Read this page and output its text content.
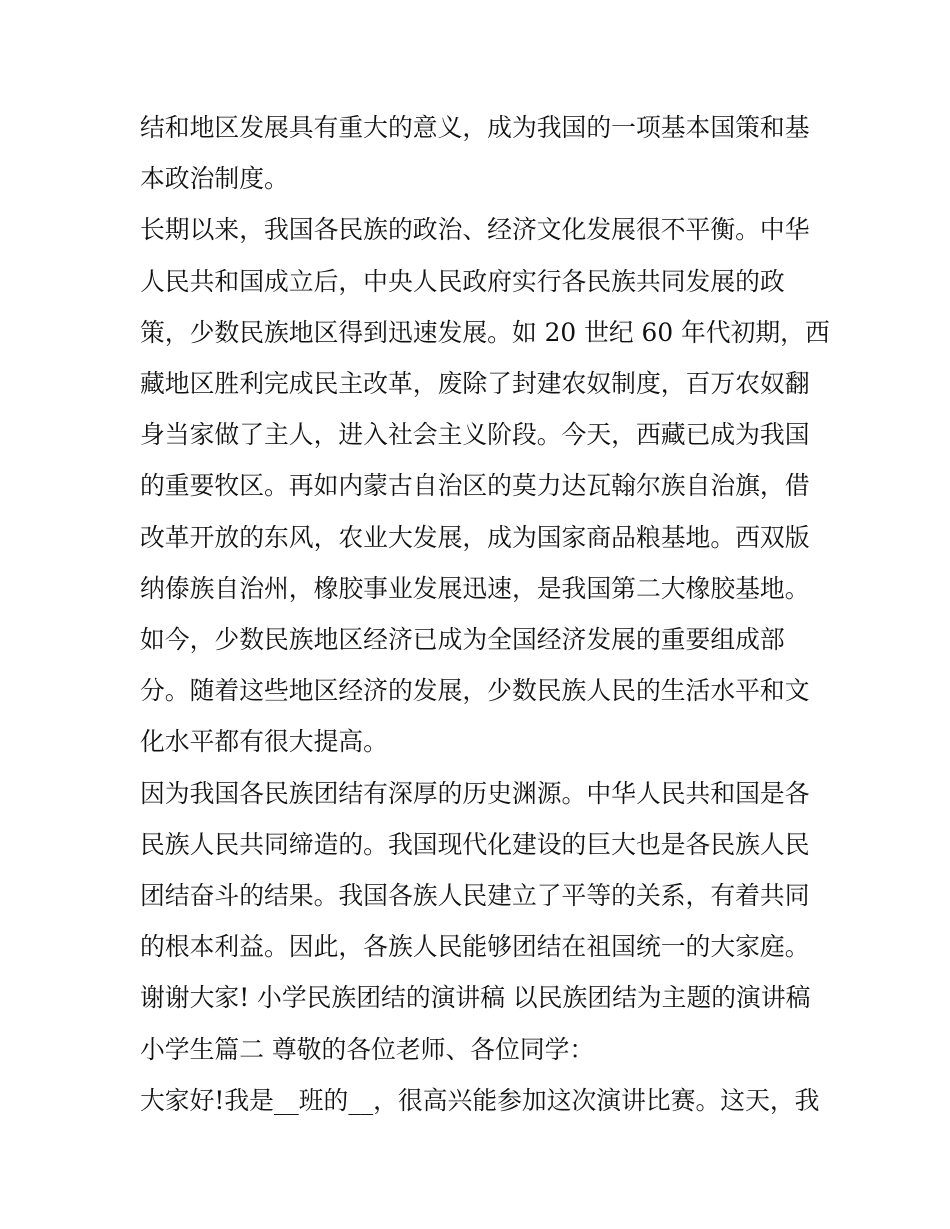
结和地区发展具有重大的意义，成为我国的一项基本国策和基
本政治制度。
长期以来，我国各民族的政治、经济文化发展很不平衡。中华
人民共和国成立后，中央人民政府实行各民族共同发展的政
策，少数民族地区得到迅速发展。如 20 世纪 60 年代初期，西
藏地区胜利完成民主改革，废除了封建农奴制度，百万农奴翻
身当家做了主人，进入社会主义阶段。今天，西藏已成为我国
的重要牧区。再如内蒙古自治区的莫力达瓦翰尔族自治旗，借
改革开放的东风，农业大发展，成为国家商品粮基地。西双版
纳傣族自治州，橡胶事业发展迅速，是我国第二大橡胶基地。
如今，少数民族地区经济已成为全国经济发展的重要组成部
分。随着这些地区经济的发展，少数民族人民的生活水平和文
化水平都有很大提高。
因为我国各民族团结有深厚的历史渊源。中华人民共和国是各
民族人民共同缔造的。我国现代化建设的巨大也是各民族人民
团结奋斗的结果。我国各族人民建立了平等的关系，有着共同
的根本利益。因此，各族人民能够团结在祖国统一的大家庭。
谢谢大家! 小学民族团结的演讲稿 以民族团结为主题的演讲稿
小学生篇二 尊敬的各位老师、各位同学：
大家好!我是__班的__，很高兴能参加这次演讲比赛。这天，我
